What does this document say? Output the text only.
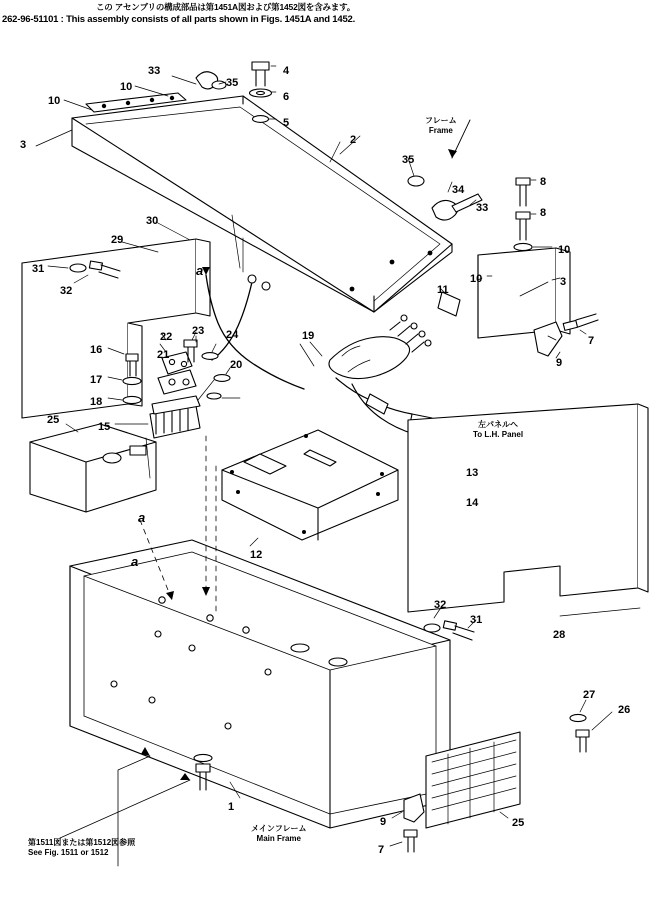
この アセンブリの構成部品は第1451A図および第1452図を含みます。
262-96-51101 : This assembly consists of all parts shown in Figs. 1451A and 1452.
33	4
35
10
6
10
5
2
3
35
8
34
33	8
30
10
29
10	3
31
32	11
22 23 24	19	7
16	21
20	9
17
18
15
25
13
14
12
32
31
28
27
26
1
9	25
7
a
a
a
フレーム
Frame
左パネルへ
To L.H. Panel
メインフレーム
Main Frame
第1511図または第1512図参照
See Fig. 1511 or 1512
